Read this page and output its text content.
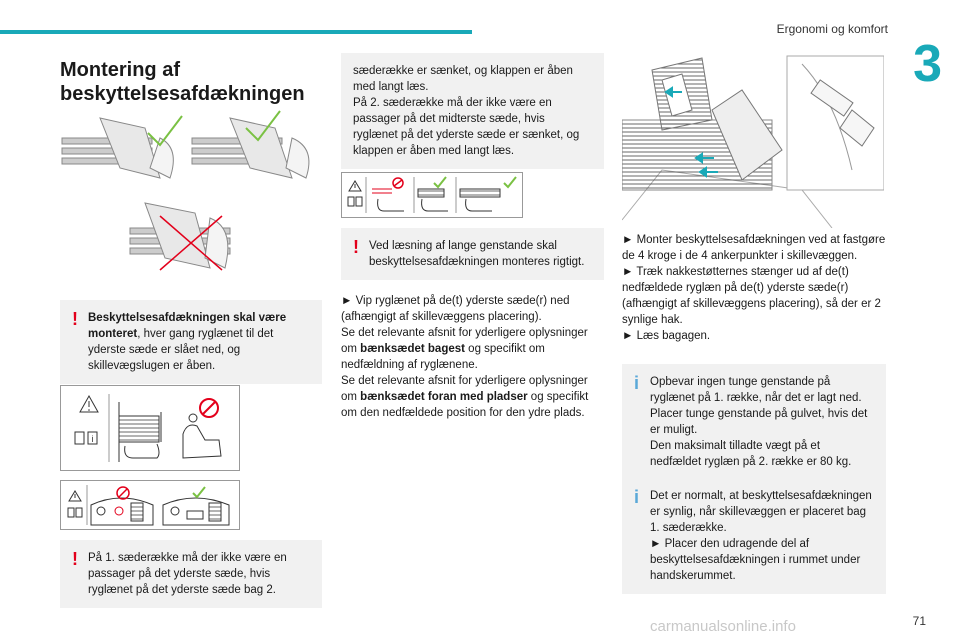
Ergonomi og komfort
3
Montering af beskyttelsesafdækningen
! Beskyttelsesafdækningen skal være monteret, hver gang ryglænet til det yderste sæde er slået ned, og skillevægslugen er åben.

i
! På 1. sæderække må der ikke være en passager på det yderste sæde, hvis ryglænet på det yderste sæde bag 2.

sæderække er sænket, og klappen er åben med langt læs.
På 2. sæderække må der ikke være en passager på det midterste sæde, hvis ryglænet på det yderste sæde er sænket, og klappen er åben med langt læs.

! Ved læsning af lange genstande skal beskyttelsesafdækningen monteres rigtigt.

► Vip ryglænet på de(t) yderste sæde(r) ned (afhængigt af skillevæggens placering).

Se det relevante afsnit for yderligere oplysninger om bænksædet bagest og specifikt om nedfældning af ryglænene.

Se det relevante afsnit for yderligere oplysninger om bænksædet foran med pladser og specifikt om den nedfældede position for den ydre plads.

► Monter beskyttelsesafdækningen ved at fastgøre de 4 kroge i de 4 ankerpunkter i skillevæggen.

► Træk nakkestøtternes stænger ud af de(t) nedfældede ryglæn på de(t) yderste sæde(r) (afhængigt af skillevæggens placering), så der er 2 synlige hak.

► Læs bagagen.

i Opbevar ingen tunge genstande på ryglænet på 1. række, når det er lagt ned. Placer tunge genstande på gulvet, hvis det er muligt.
Den maksimalt tilladte vægt på et nedfældet ryglæn på 2. række er 80 kg.

i Det er normalt, at beskyttelsesafdækningen er synlig, når skillevæggen er placeret bag 1. sæderække.
► Placer den udragende del af beskyttelsesafdækningen i rummet under handskerummet.

71
carmanualsonline.info
